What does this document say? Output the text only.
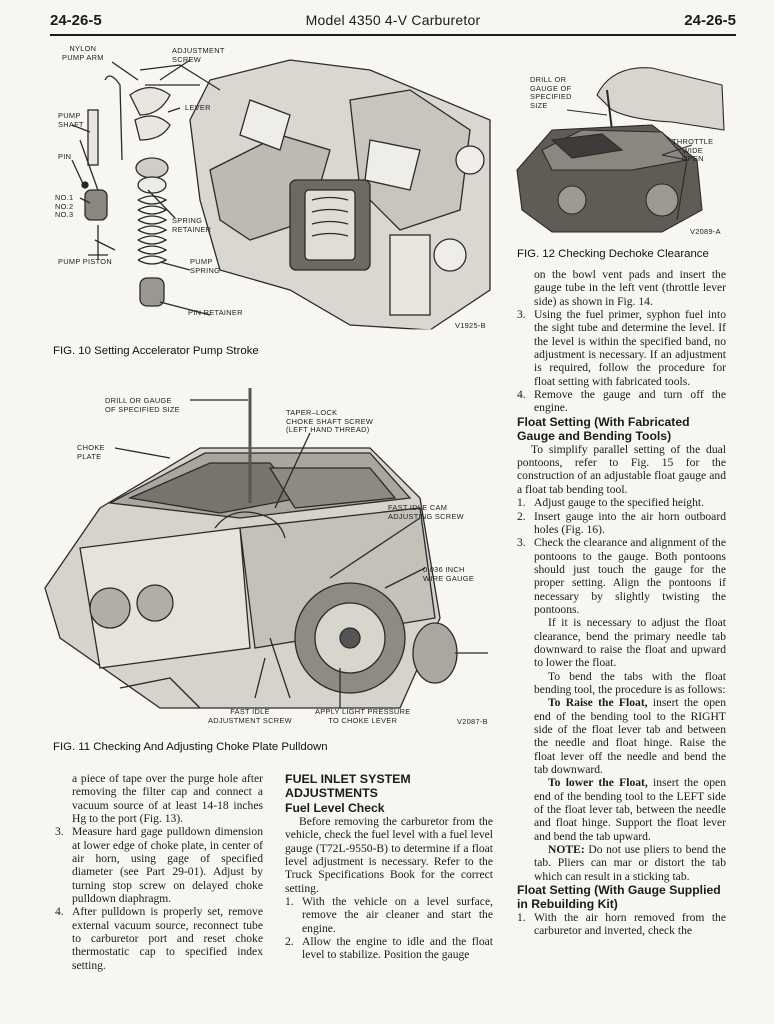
24-26-5	Model 4350 4-V Carburetor	24-26-5
NYLON
PUMP ARM
ADJUSTMENT
SCREW
LEVER
PUMP
SHAFT
PIN
NO.1
NO.2
NO.3
SPRING
RETAINER
PUMP PISTON	PUMP
SPRING
PIN RETAINER
V1925-B
FIG. 10 Setting Accelerator Pump Stroke
DRILL OR GAUGE
OF SPECIFIED SIZE	TAPER–LOCK
CHOKE SHAFT SCREW
(LEFT HAND THREAD)
CHOKE
PLATE
FAST IDLE CAM
ADJUSTING SCREW
0.036 INCH
WIRE GAUGE
FAST IDLE
ADJUSTMENT SCREW
APPLY LIGHT PRESSURE
TO CHOKE LEVER	V2087-B
FIG. 11 Checking And Adjusting Choke Plate Pulldown
DRILL OR
GAUGE OF
SPECIFIED
SIZE
THROTTLE
WIDE
OPEN
V2089-A
FIG. 12 Checking Dechoke Clearance

a piece of tape over the purge hole after removing the filter cap and connect a vacuum source of at least 14-18 inches Hg to the port (Fig. 13).

3. Measure hard gage pulldown dimension at lower edge of choke plate, in center of air horn, using gage of specified diameter (see Part 29-01). Adjust by turning stop screw on delayed choke pulldown diaphragm.

4. After pulldown is properly set, remove external vacuum source, reconnect tube to carburetor port and reset choke thermostatic cap to specified index setting.

FUEL INLET SYSTEM ADJUSTMENTS

Fuel Level Check

Before removing the carburetor from the vehicle, check the fuel level with a fuel level gauge (T72L-9550-B) to determine if a float level adjustment is necessary. Refer to the Truck Specifications Book for the correct setting.

1. With the vehicle on a level surface, remove the air cleaner and start the engine.

2. Allow the engine to idle and the float level to stabilize. Position the gauge

on the bowl vent pads and insert the gauge tube in the left vent (throttle lever side) as shown in Fig. 14.

3. Using the fuel primer, syphon fuel into the sight tube and determine the level. If the level is within the specified band, no adjustment is necessary. If an adjustment is required, follow the procedure for float setting with fabricated tools.

4. Remove the gauge and turn off the engine.

Float Setting (With Fabricated Gauge and Bending Tools)

To simplify parallel setting of the dual pontoons, refer to Fig. 15 for the construction of an adjustable float gauge and a float tab bending tool.

1. Adjust gauge to the specified height.

2. Insert gauge into the air horn outboard holes (Fig. 16).

3. Check the clearance and alignment of the pontoons to the gauge. Both pontoons should just touch the gauge for the proper setting. Align the pontoons if necessary by slightly twisting the pontoons.

If it is necessary to adjust the float clearance, bend the primary needle tab downward to raise the float and upward to lower the float.

To bend the tabs with the float bending tool, the procedure is as follows:

To Raise the Float, insert the open end of the bending tool to the RIGHT side of the float lever tab and between the needle and float hinge. Raise the float lever off the needle and bend the tab downward.

To lower the Float, insert the open end of the bending tool to the LEFT side of the float lever tab, between the needle and float hinge. Support the float lever and bend the tab upward.

NOTE: Do not use pliers to bend the tab. Pliers can mar or distort the tab which can result in a sticking tab.

Float Setting (With Gauge Supplied in Rebuilding Kit)

1. With the air horn removed from the carburetor and inverted, check the
